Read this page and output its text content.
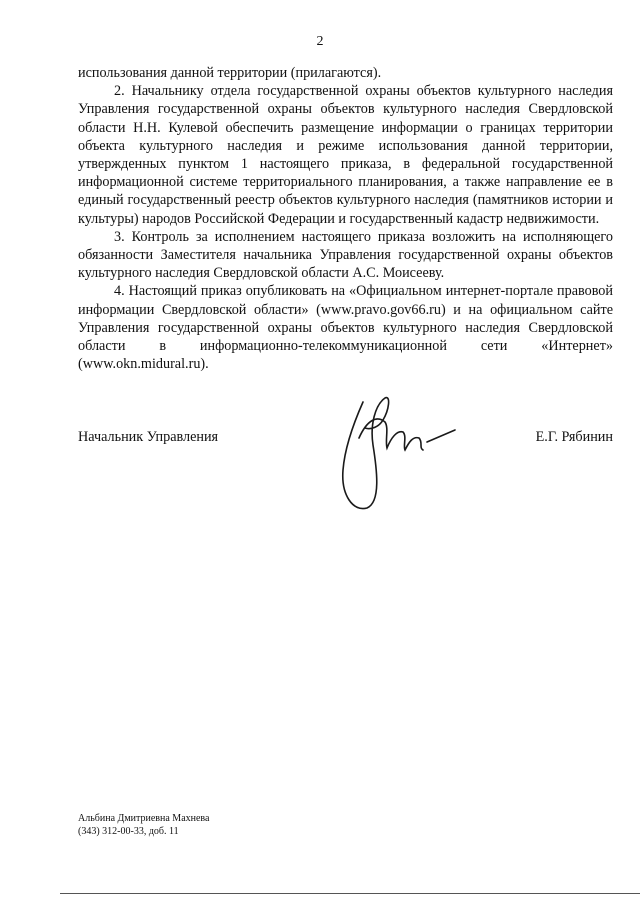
2

использования данной территории (прилагаются).

2. Начальнику отдела государственной охраны объектов культурного наследия Управления государственной охраны объектов культурного наследия Свердловской области Н.Н. Кулевой обеспечить размещение информации о границах территории объекта культурного наследия и режиме использования данной территории, утвержденных пунктом 1 настоящего приказа, в федеральной государственной информационной системе территориального планирования, а также направление ее в единый государственный реестр объектов культурного наследия (памятников истории и культуры) народов Российской Федерации и государственный кадастр недвижимости.

3. Контроль за исполнением настоящего приказа возложить на исполняющего обязанности Заместителя начальника Управления государственной охраны объектов культурного наследия Свердловской области А.С. Моисееву.

4. Настоящий приказ опубликовать на «Официальном интернет-портале правовой информации Свердловской области» (www.pravo.gov66.ru) и на официальном сайте Управления государственной охраны объектов культурного наследия Свердловской области в информационно-телекоммуникационной сети «Интернет» (www.okn.midural.ru).

Начальник Управления	Е.Г. Рябинин
Альбина Дмитриевна Махнева
(343) 312-00-33, доб. 11
